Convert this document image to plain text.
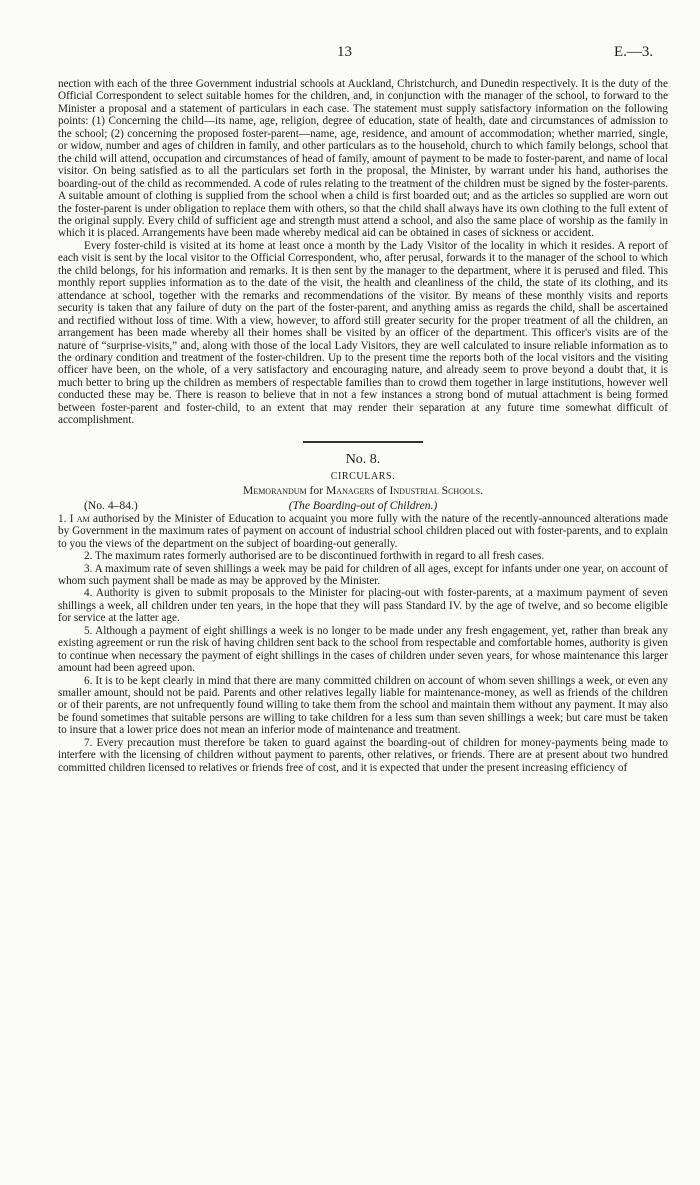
13	E.—3.

nection with each of the three Government industrial schools at Auckland, Christchurch, and Dunedin respectively. It is the duty of the Official Correspondent to select suitable homes for the children, and, in conjunction with the manager of the school, to forward to the Minister a proposal and a statement of particulars in each case. The statement must supply satisfactory information on the following points: (1) Concerning the child—its name, age, religion, degree of education, state of health, date and circumstances of admission to the school; (2) concerning the proposed foster-parent—name, age, residence, and amount of accommodation; whether married, single, or widow, number and ages of children in family, and other particulars as to the household, church to which family belongs, school that the child will attend, occupation and circumstances of head of family, amount of payment to be made to foster-parent, and name of local visitor. On being satisfied as to all the particulars set forth in the proposal, the Minister, by warrant under his hand, authorises the boarding-out of the child as recommended. A code of rules relating to the treatment of the children must be signed by the foster-parents. A suitable amount of clothing is supplied from the school when a child is first boarded out; and as the articles so supplied are worn out the foster-parent is under obligation to replace them with others, so that the child shall always have its own clothing to the full extent of the original supply. Every child of sufficient age and strength must attend a school, and also the same place of worship as the family in which it is placed. Arrangements have been made whereby medical aid can be obtained in cases of sickness or accident.

Every foster-child is visited at its home at least once a month by the Lady Visitor of the locality in which it resides. A report of each visit is sent by the local visitor to the Official Correspondent, who, after perusal, forwards it to the manager of the school to which the child belongs, for his information and remarks. It is then sent by the manager to the department, where it is perused and filed. This monthly report supplies information as to the date of the visit, the health and cleanliness of the child, the state of its clothing, and its attendance at school, together with the remarks and recommendations of the visitor. By means of these monthly visits and reports security is taken that any failure of duty on the part of the foster-parent, and anything amiss as regards the child, shall be ascertained and rectified without loss of time. With a view, however, to afford still greater security for the proper treatment of all the children, an arrangement has been made whereby all their homes shall be visited by an officer of the department. This officer's visits are of the nature of “surprise-visits,” and, along with those of the local Lady Visitors, they are well calculated to insure reliable information as to the ordinary condition and treatment of the foster-children. Up to the present time the reports both of the local visitors and the visiting officer have been, on the whole, of a very satisfactory and encouraging nature, and already seem to prove beyond a doubt that, it is much better to bring up the children as members of respectable families than to crowd them together in large institutions, however well conducted these may be. There is reason to believe that in not a few instances a strong bond of mutual attachment is being formed between foster-parent and foster-child, to an extent that may render their separation at any future time somewhat difficult of accomplishment.

No. 8.
CIRCULARS.
Memorandum for Managers of Industrial Schools.
(The Boarding-out of Children.)
(No. 4–84.)

1. I am authorised by the Minister of Education to acquaint you more fully with the nature of the recently-announced alterations made by Government in the maximum rates of payment on account of industrial school children placed out with foster-parents, and to explain to you the views of the department on the subject of boarding-out generally.

2. The maximum rates formerly authorised are to be discontinued forthwith in regard to all fresh cases.

3. A maximum rate of seven shillings a week may be paid for children of all ages, except for infants under one year, on account of whom such payment shall be made as may be approved by the Minister.

4. Authority is given to submit proposals to the Minister for placing-out with foster-parents, at a maximum payment of seven shillings a week, all children under ten years, in the hope that they will pass Standard IV. by the age of twelve, and so become eligible for service at the latter age.

5. Although a payment of eight shillings a week is no longer to be made under any fresh engagement, yet, rather than break any existing agreement or run the risk of having children sent back to the school from respectable and comfortable homes, authority is given to continue when necessary the payment of eight shillings in the cases of children under seven years, for whose maintenance this larger amount had been agreed upon.

6. It is to be kept clearly in mind that there are many committed children on account of whom seven shillings a week, or even any smaller amount, should not be paid. Parents and other relatives legally liable for maintenance-money, as well as friends of the children or of their parents, are not unfrequently found willing to take them from the school and maintain them without any payment. It may also be found sometimes that suitable persons are willing to take children for a less sum than seven shillings a week; but care must be taken to insure that a lower price does not mean an inferior mode of maintenance and treatment.

7. Every precaution must therefore be taken to guard against the boarding-out of children for money-payments being made to interfere with the licensing of children without payment to parents, other relatives, or friends. There are at present about two hundred committed children licensed to relatives or friends free of cost, and it is expected that under the present increasing efficiency of
